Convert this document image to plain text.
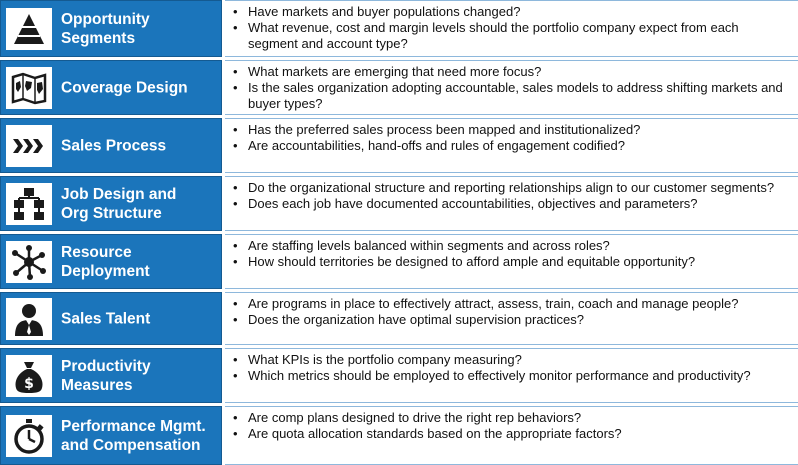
Opportunity
Segments
• Have markets and buyer populations changed?
• What revenue, cost and margin levels should the portfolio company expect from each segment and account type?
Coverage Design
• What markets are emerging that need more focus?
• Is the sales organization adopting accountable, sales models to address shifting markets and buyer types?
Sales Process
• Has the preferred sales process been mapped and institutionalized?
• Are accountabilities, hand-offs and rules of engagement codified?
Job Design and
Org Structure
• Do the organizational structure and reporting relationships align to our customer segments?
• Does each job have documented accountabilities, objectives and parameters?
Resource
Deployment
• Are staffing levels balanced within segments and across roles?
• How should territories be designed to afford ample and equitable opportunity?
Sales Talent
• Are programs in place to effectively attract, assess, train, coach and manage people?
• Does the organization have optimal supervision practices?
$
Productivity
Measures
• What KPIs is the portfolio company measuring?
• Which metrics should be employed to effectively monitor performance and productivity?
Performance Mgmt.
and Compensation
• Are comp plans designed to drive the right rep behaviors?
• Are quota allocation standards based on the appropriate factors?
